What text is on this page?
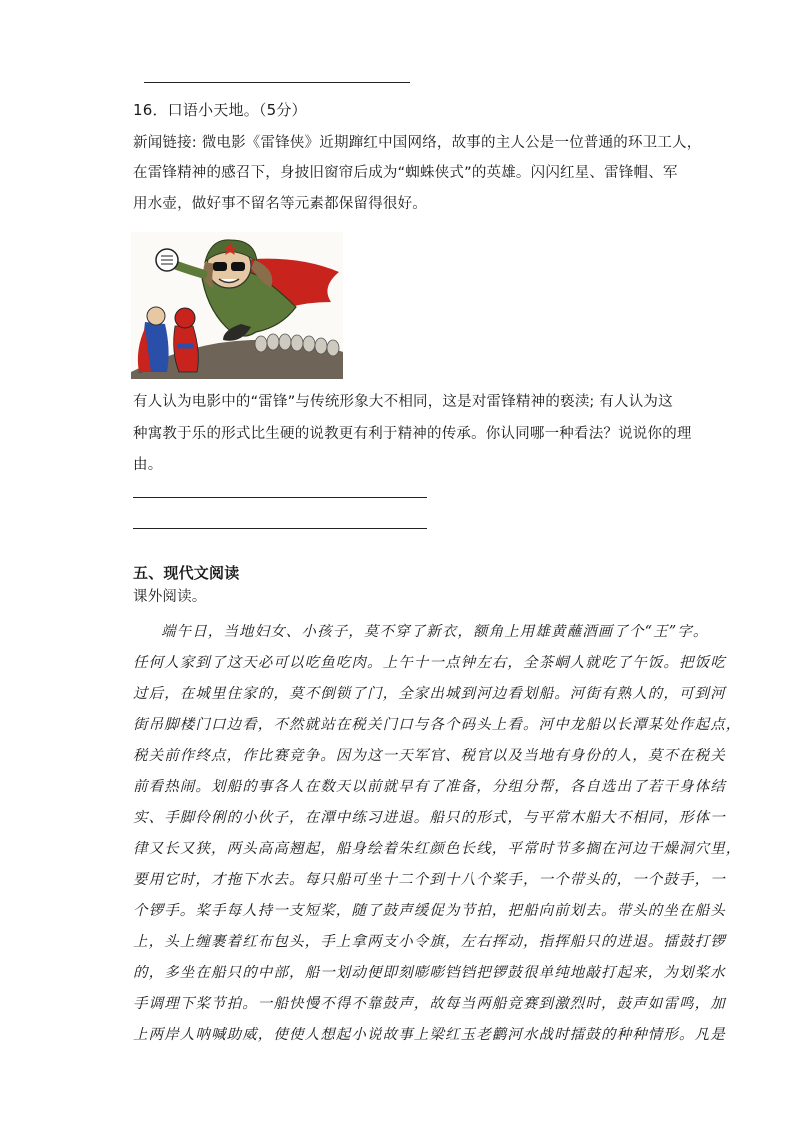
16．口语小天地。（5分）
新闻链接: 微电影《雷锋侠》近期蹿红中国网络，故事的主人公是一位普通的环卫工人，
在雷锋精神的感召下，身披旧窗帘后成为“蜘蛛侠式”的英雄。闪闪红星、雷锋帽、军
用水壶，做好事不留名等元素都保留得很好。
~
有人认为电影中的“雷锋”与传统形象大不相同，这是对雷锋精神的亵渎; 有人认为这
种寓教于乐的形式比生硬的说教更有利于精神的传承。你认同哪一种看法？说说你的理
由。
五、现代文阅读
课外阅读。
端午日，当地妇女、小孩子，莫不穿了新衣，额角上用雄黄蘸酒画了个“王”字。
任何人家到了这天必可以吃鱼吃肉。上午十一点钟左右，全茶峒人就吃了午饭。把饭吃
过后，在城里住家的，莫不倒锁了门，全家出城到河边看划船。河街有熟人的，可到河
街吊脚楼门口边看，不然就站在税关门口与各个码头上看。河中龙船以长潭某处作起点，
税关前作终点，作比赛竞争。因为这一天军官、税官以及当地有身份的人，莫不在税关
前看热闹。划船的事各人在数天以前就早有了准备，分组分帮，各自选出了若干身体结
实、手脚伶俐的小伙子，在潭中练习进退。船只的形式，与平常木船大不相同，形体一
律又长又狭，两头高高翘起，船身绘着朱红颜色长线，平常时节多搁在河边干燥洞穴里，
要用它时，才拖下水去。每只船可坐十二个到十八个桨手，一个带头的，一个鼓手，一
个锣手。桨手每人持一支短桨，随了鼓声缓促为节拍，把船向前划去。带头的坐在船头
上，头上缠裹着红布包头，手上拿两支小令旗，左右挥动，指挥船只的进退。擂鼓打锣
的，多坐在船只的中部，船一划动便即刻嘭嘭铛铛把锣鼓很单纯地敲打起来，为划桨水
手调理下桨节拍。一船快慢不得不靠鼓声，故每当两船竞赛到激烈时，鼓声如雷鸣，加
上两岸人呐喊助威，使使人想起小说故事上梁红玉老鹳河水战时擂鼓的种种情形。凡是
